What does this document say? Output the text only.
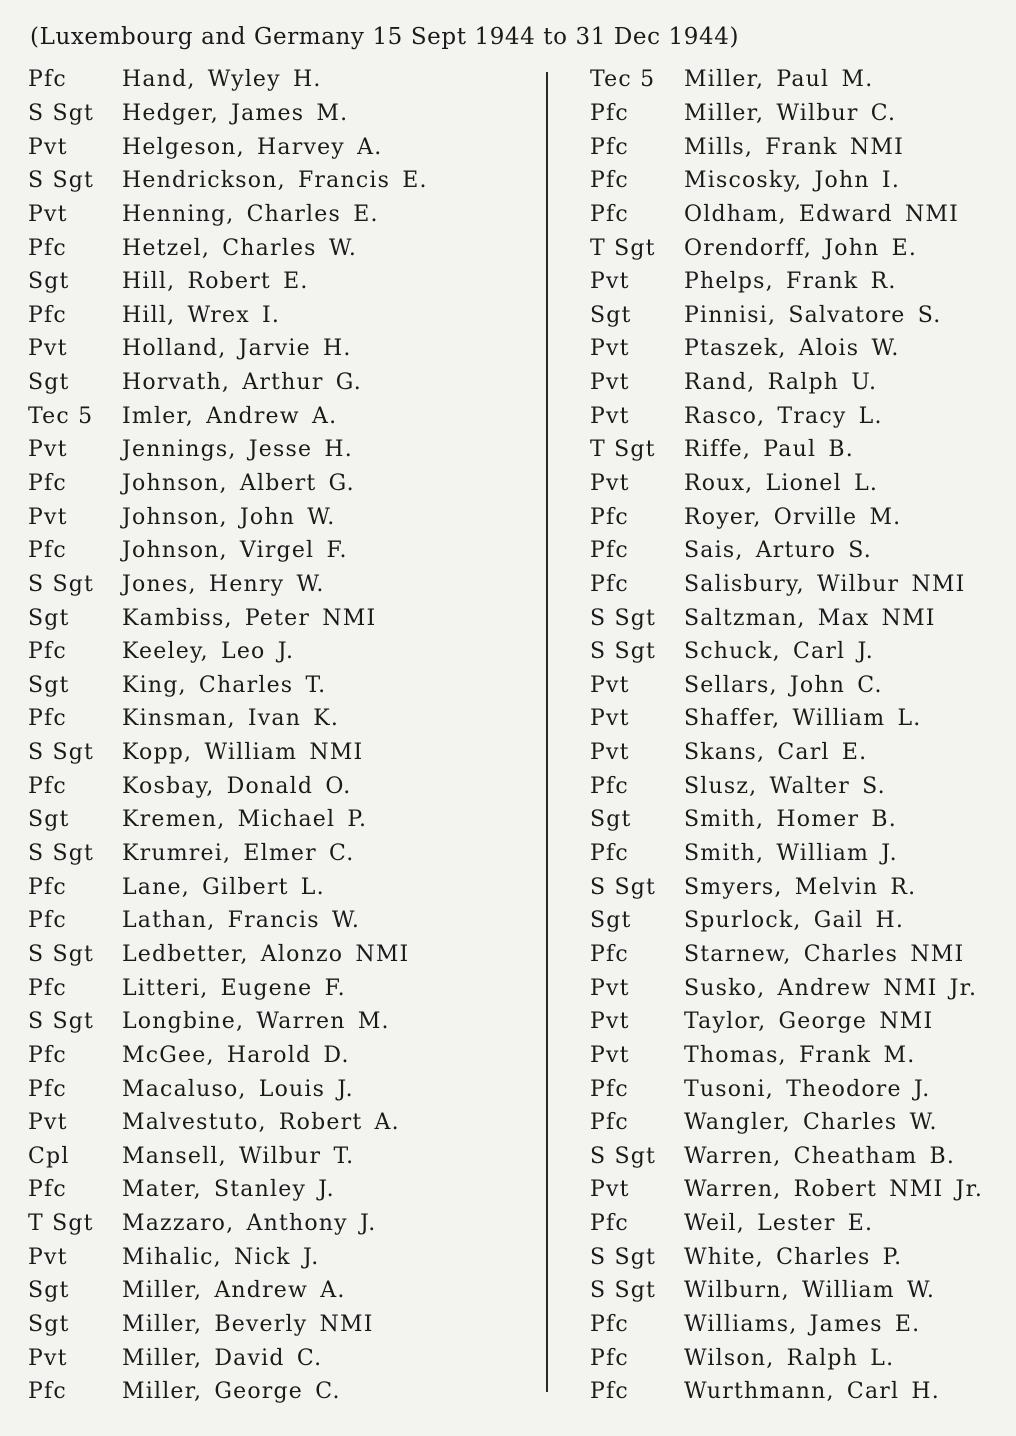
(Luxembourg and Germany 15 Sept 1944 to 31 Dec 1944)
Pfc	Hand, Wyley H.
S Sgt	Hedger, James M.
Pvt	Helgeson, Harvey A.
S Sgt	Hendrickson, Francis E.
Pvt	Henning, Charles E.
Pfc	Hetzel, Charles W.
Sgt	Hill, Robert E.
Pfc	Hill, Wrex I.
Pvt	Holland, Jarvie H.
Sgt	Horvath, Arthur G.
Tec 5	Imler, Andrew A.
Pvt	Jennings, Jesse H.
Pfc	Johnson, Albert G.
Pvt	Johnson, John W.
Pfc	Johnson, Virgel F.
S Sgt	Jones, Henry W.
Sgt	Kambiss, Peter NMI
Pfc	Keeley, Leo J.
Sgt	King, Charles T.
Pfc	Kinsman, Ivan K.
S Sgt	Kopp, William NMI
Pfc	Kosbay, Donald O.
Sgt	Kremen, Michael P.
S Sgt	Krumrei, Elmer C.
Pfc	Lane, Gilbert L.
Pfc	Lathan, Francis W.
S Sgt	Ledbetter, Alonzo NMI
Pfc	Litteri, Eugene F.
S Sgt	Longbine, Warren M.
Pfc	McGee, Harold D.
Pfc	Macaluso, Louis J.
Pvt	Malvestuto, Robert A.
Cpl	Mansell, Wilbur T.
Pfc	Mater, Stanley J.
T Sgt	Mazzaro, Anthony J.
Pvt	Mihalic, Nick J.
Sgt	Miller, Andrew A.
Sgt	Miller, Beverly NMI
Pvt	Miller, David C.
Pfc	Miller, George C.
Tec 5	Miller, Paul M.
Pfc	Miller, Wilbur C.
Pfc	Mills, Frank NMI
Pfc	Miscosky, John I.
Pfc	Oldham, Edward NMI
T Sgt	Orendorff, John E.
Pvt	Phelps, Frank R.
Sgt	Pinnisi, Salvatore S.
Pvt	Ptaszek, Alois W.
Pvt	Rand, Ralph U.
Pvt	Rasco, Tracy L.
T Sgt	Riffe, Paul B.
Pvt	Roux, Lionel L.
Pfc	Royer, Orville M.
Pfc	Sais, Arturo S.
Pfc	Salisbury, Wilbur NMI
S Sgt	Saltzman, Max NMI
S Sgt	Schuck, Carl J.
Pvt	Sellars, John C.
Pvt	Shaffer, William L.
Pvt	Skans, Carl E.
Pfc	Slusz, Walter S.
Sgt	Smith, Homer B.
Pfc	Smith, William J.
S Sgt	Smyers, Melvin R.
Sgt	Spurlock, Gail H.
Pfc	Starnew, Charles NMI
Pvt	Susko, Andrew NMI Jr.
Pvt	Taylor, George NMI
Pvt	Thomas, Frank M.
Pfc	Tusoni, Theodore J.
Pfc	Wangler, Charles W.
S Sgt	Warren, Cheatham B.
Pvt	Warren, Robert NMI Jr.
Pfc	Weil, Lester E.
S Sgt	White, Charles P.
S Sgt	Wilburn, William W.
Pfc	Williams, James E.
Pfc	Wilson, Ralph L.
Pfc	Wurthmann, Carl H.
